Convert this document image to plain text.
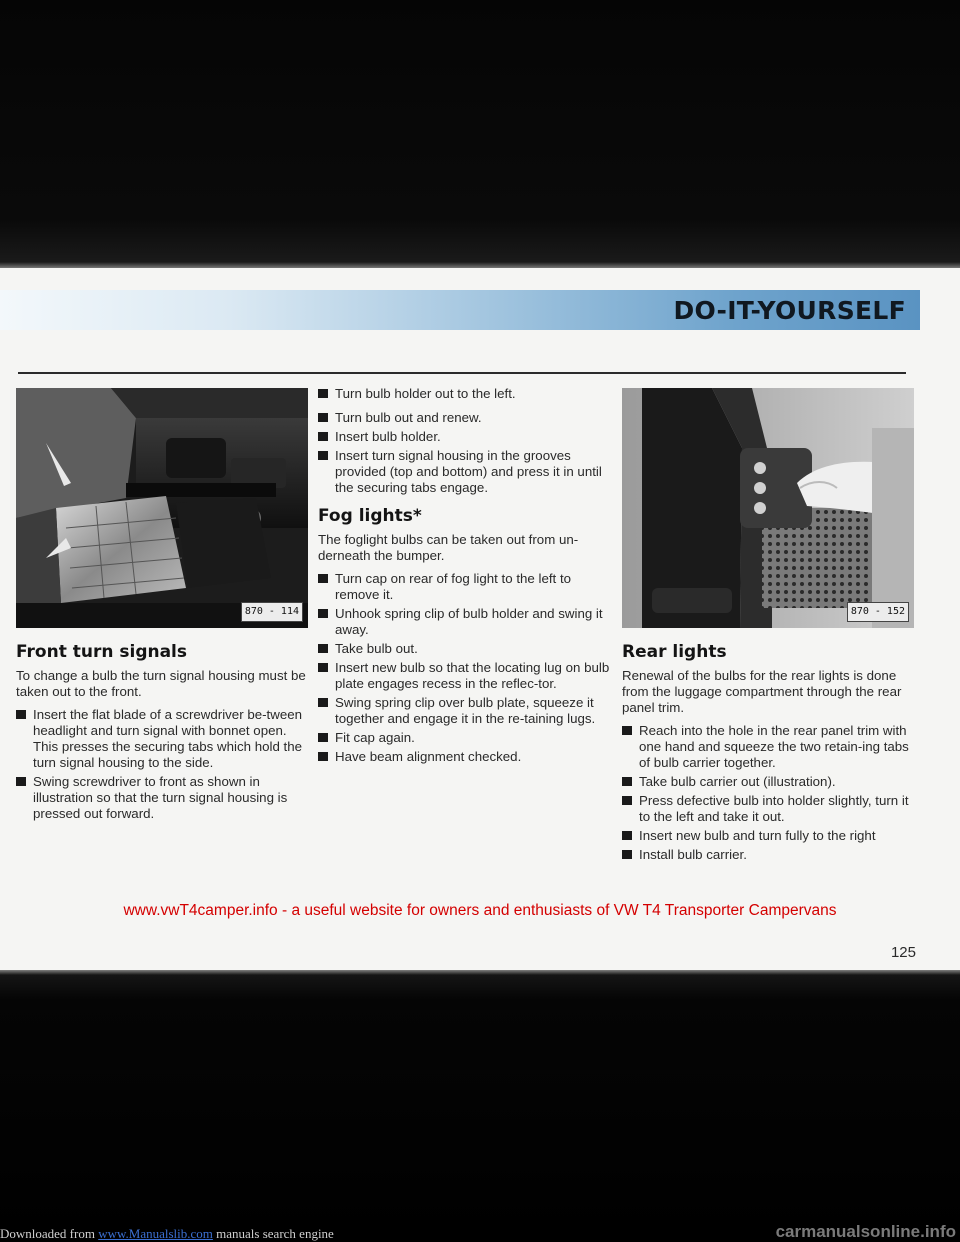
DO-IT-YOURSELF
870 - 114
Front turn signals

To change a bulb the turn signal housing must be taken out to the front.

Insert the flat blade of a screwdriver be-tween headlight and turn signal with bonnet open. This presses the securing tabs which hold the turn signal housing to the side.
Swing screwdriver to front as shown in illustration so that the turn signal housing is pressed out forward.
Turn bulb holder out to the left.
Turn bulb out and renew.
Insert bulb holder.
Insert turn signal housing in the grooves provided (top and bottom) and press it in until the securing tabs engage.
Fog lights*

The foglight bulbs can be taken out from un-derneath the bumper.

Turn cap on rear of fog light to the left to remove it.
Unhook spring clip of bulb holder and swing it away.
Take bulb out.
Insert new bulb so that the locating lug on bulb plate engages recess in the reflec-tor.
Swing spring clip over bulb plate, squeeze it together and engage it in the re-taining lugs.
Fit cap again.
Have beam alignment checked.
870 - 152
Rear lights

Renewal of the bulbs for the rear lights is done from the luggage compartment through the rear panel trim.

Reach into the hole in the rear panel trim with one hand and squeeze the two retain-ing tabs of bulb carrier together.
Take bulb carrier out (illustration).
Press defective bulb into holder slightly, turn it to the left and take it out.
Insert new bulb and turn fully to the right
Install bulb carrier.
www.vwT4camper.info - a useful website for owners and enthusiasts of VW T4 Transporter Campervans
125
Downloaded from www.Manualslib.com manuals search engine	carmanualsonline.info
